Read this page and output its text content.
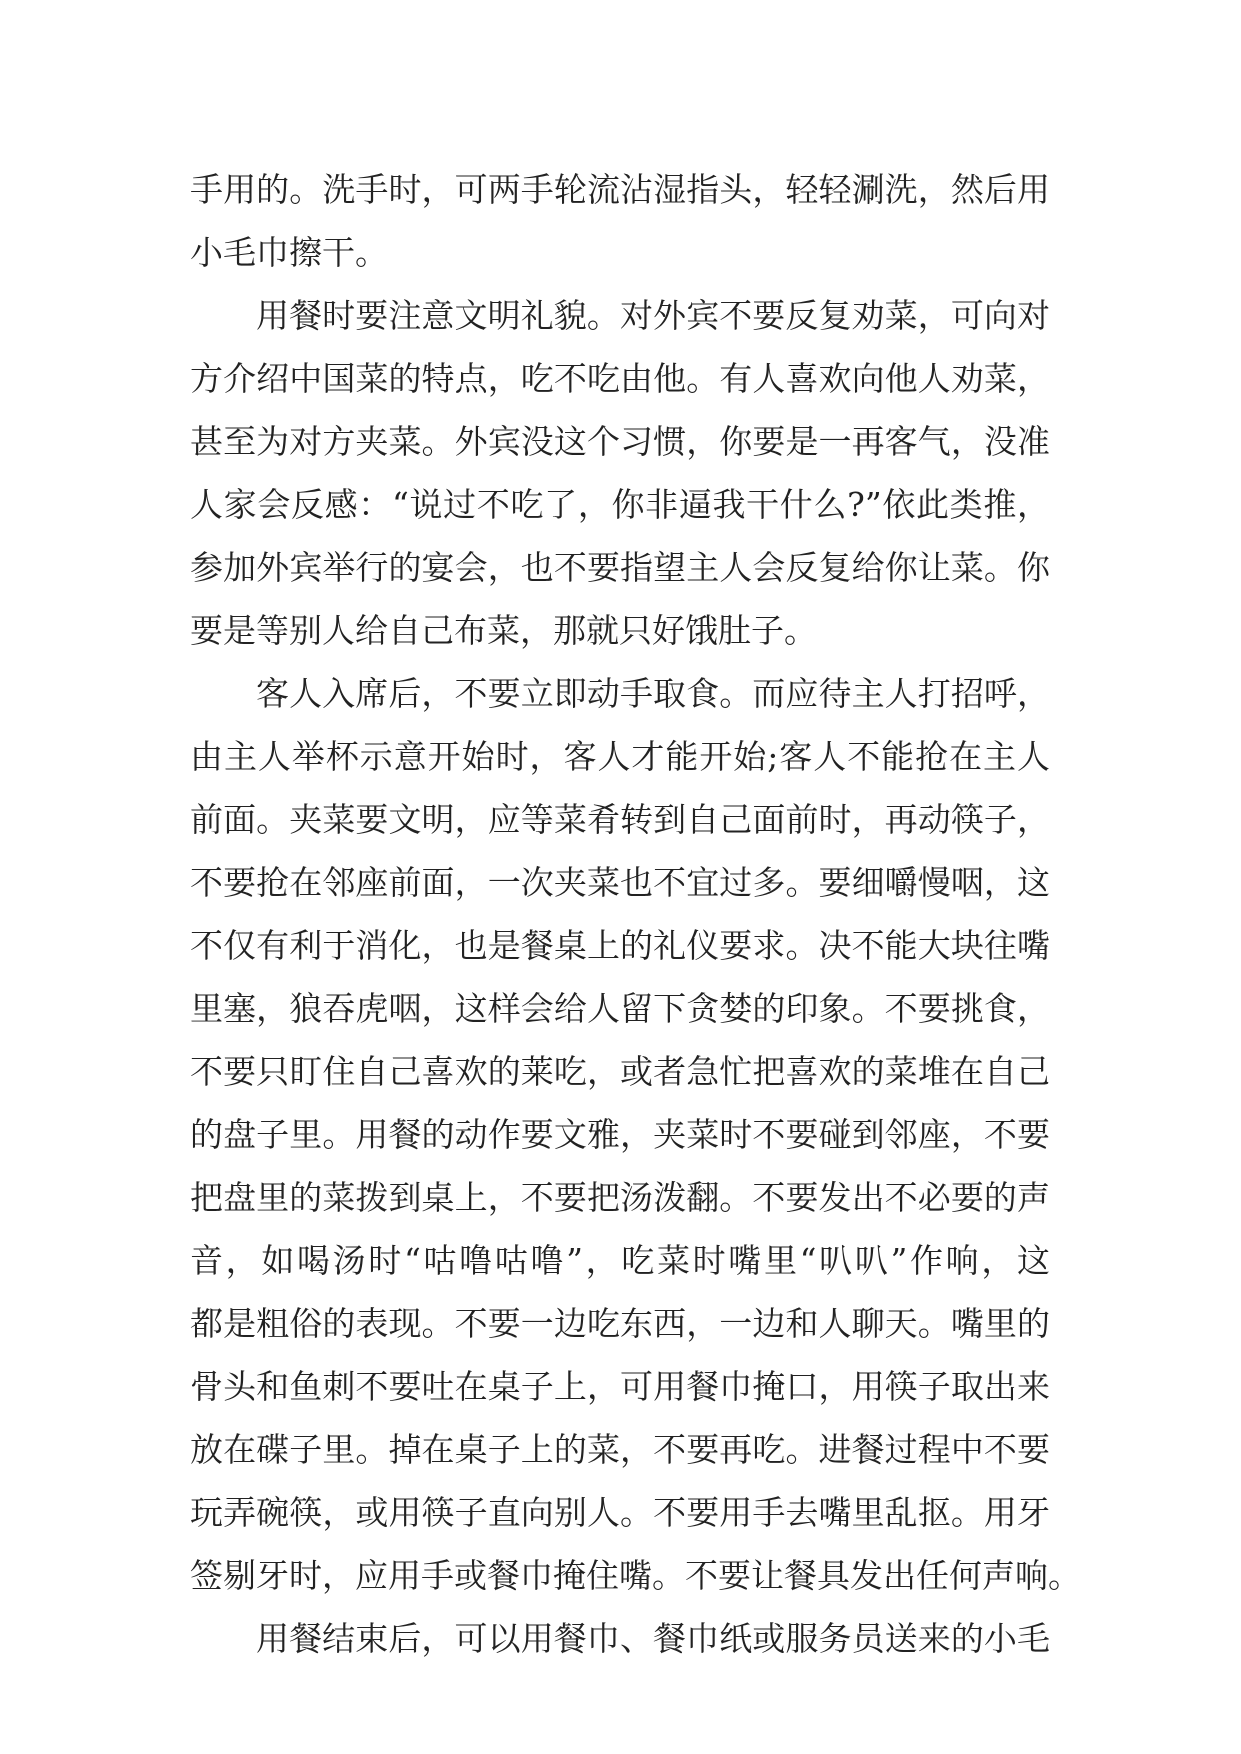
手用的。洗手时，可两手轮流沾湿指头，轻轻涮洗，然后用
小毛巾擦干。
用餐时要注意文明礼貌。对外宾不要反复劝菜，可向对
方介绍中国菜的特点，吃不吃由他。有人喜欢向他人劝菜，
甚至为对方夹菜。外宾没这个习惯，你要是一再客气，没准
人家会反感：“说过不吃了，你非逼我干什么?”依此类推，
参加外宾举行的宴会，也不要指望主人会反复给你让菜。你
要是等别人给自己布菜，那就只好饿肚子。
客人入席后，不要立即动手取食。而应待主人打招呼，
由主人举杯示意开始时，客人才能开始;客人不能抢在主人
前面。夹菜要文明，应等菜肴转到自己面前时，再动筷子，
不要抢在邻座前面，一次夹菜也不宜过多。要细嚼慢咽，这
不仅有利于消化，也是餐桌上的礼仪要求。决不能大块往嘴
里塞，狼吞虎咽，这样会给人留下贪婪的印象。不要挑食，
不要只盯住自己喜欢的莱吃，或者急忙把喜欢的菜堆在自己
的盘子里。用餐的动作要文雅，夹菜时不要碰到邻座，不要
把盘里的菜拨到桌上，不要把汤泼翻。不要发出不必要的声
音，如喝汤时“咕噜咕噜”，吃菜时嘴里“叭叭”作响，这
都是粗俗的表现。不要一边吃东西，一边和人聊天。嘴里的
骨头和鱼刺不要吐在桌子上，可用餐巾掩口，用筷子取出来
放在碟子里。掉在桌子上的菜，不要再吃。进餐过程中不要
玩弄碗筷，或用筷子直向别人。不要用手去嘴里乱抠。用牙
签剔牙时，应用手或餐巾掩住嘴。不要让餐具发出任何声响。
用餐结束后，可以用餐巾、餐巾纸或服务员送来的小毛
